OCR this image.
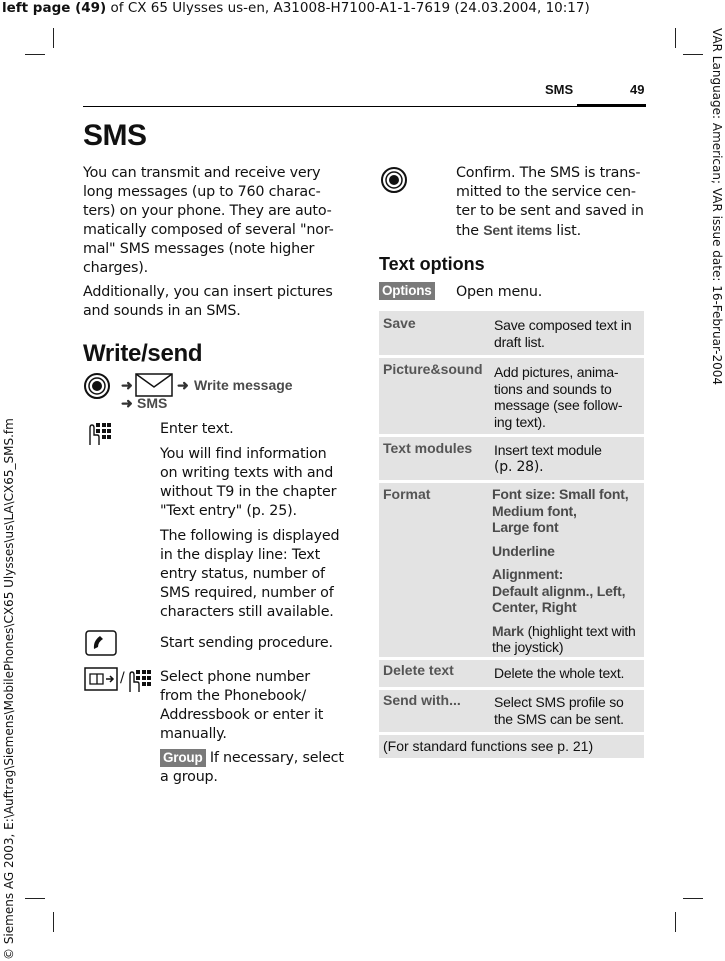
left page (49) of CX 65 Ulysses us-en, A31008-H7100-A1-1-7619 (24.03.2004, 10:17)
VAR Language: American; VAR issue date: 16-Februar-2004
© Siemens AG 2003, E:\Auftrag\Siemens\MobilePhones\CX65 Ulysses\us\LA\CX65_SMS.fm
SMS	49
SMS
You can transmit and receive very
long messages (up to 760 charac-
ters) on your phone. They are auto-
matically composed of several "nor-
mal" SMS messages (note higher
charges).
Additionally, you can insert pictures
and sounds in an SMS.
Write/send
➜	➜ Write message
➜ SMS
Enter text.
You will find information
on writing texts with and
without T9 in the chapter
"Text entry" (p. 25).
The following is displayed
in the display line: Text
entry status, number of
SMS required, number of
characters still available.
Start sending procedure.
/ Select phone number
from the Phonebook/
Addressbook or enter it
manually.
Group If necessary, select
a group.
Confirm. The SMS is trans-
mitted to the service cen-
ter to be sent and saved in
the Sent items list.
Text options
Options Open menu.
Save	Save composed text in
draft list.
Picture&sound Add pictures, anima-
tions and sounds to
message (see follow-
ing text).
Text modules Insert text module
(p. 28).
Format	Font size: Small font,
Medium font,
Large font
Underline
Alignment:
Default alignm., Left,
Center, Right
Mark (highlight text with
the joystick)
Delete text	Delete the whole text.
Send with... Select SMS profile so
the SMS can be sent.
(For standard functions see p. 21)
